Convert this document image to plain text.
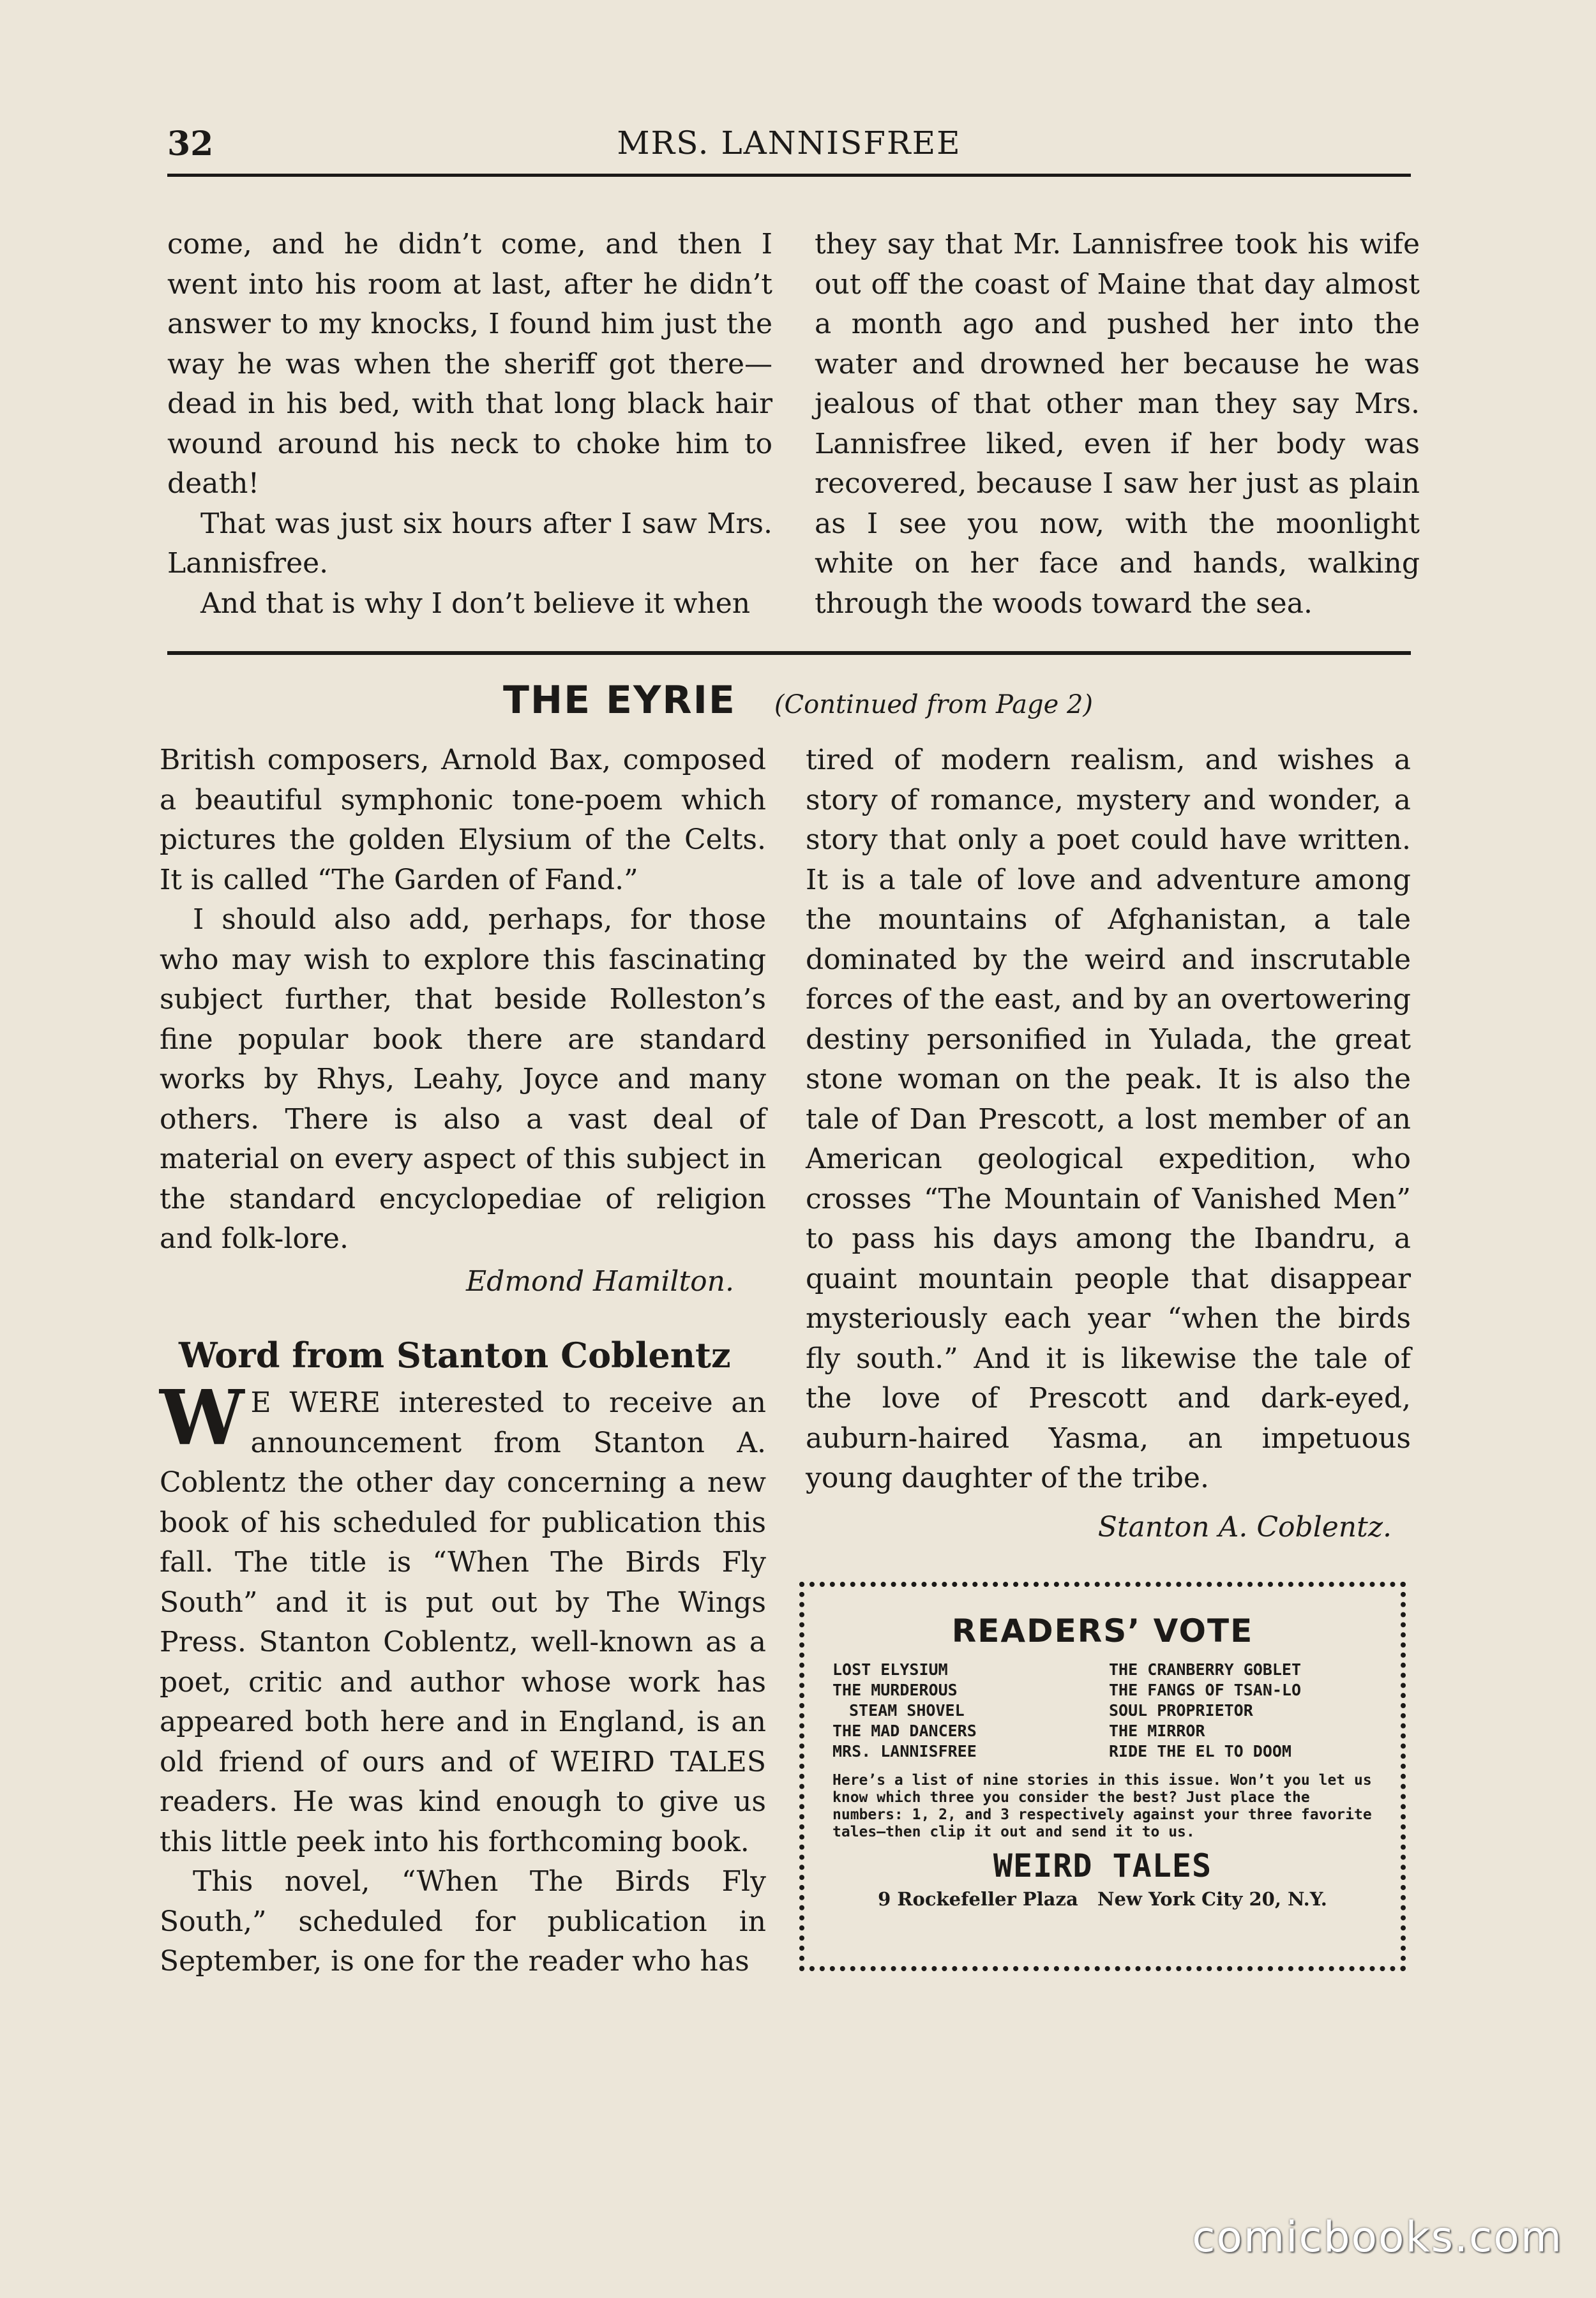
32	MRS. LANNISFREE

come, and he didn’t come, and then I went into his room at last, after he didn’t answer to my knocks, I found him just the way he was when the sheriff got there—dead in his bed, with that long black hair wound around his neck to choke him to death!

That was just six hours after I saw Mrs. Lannisfree.

And that is why I don’t believe it when

they say that Mr. Lannisfree took his wife out off the coast of Maine that day almost a month ago and pushed her into the water and drowned her because he was jealous of that other man they say Mrs. Lannisfree liked, even if her body was recovered, because I saw her just as plain as I see you now, with the moonlight white on her face and hands, walking through the woods toward the sea.

THE EYRIE (Continued from Page 2)

British composers, Arnold Bax, composed a beautiful symphonic tone-poem which pictures the golden Elysium of the Celts. It is called “The Garden of Fand.”

I should also add, perhaps, for those who may wish to explore this fascinating subject further, that beside Rolleston’s fine popular book there are standard works by Rhys, Leahy, Joyce and many others. There is also a vast deal of material on every aspect of this subject in the standard encyclopediae of religion and folk-lore.

Edmond Hamilton.
Word from Stanton Coblentz

W E WERE interested to receive an announcement from Stanton A. Coblentz the other day concerning a new book of his scheduled for publication this fall. The title is “When The Birds Fly South” and it is put out by The Wings Press. Stanton Coblentz, well-known as a poet, critic and author whose work has appeared both here and in England, is an old friend of ours and of WEIRD TALES readers. He was kind enough to give us this little peek into his forthcoming book.

This novel, “When The Birds Fly South,” scheduled for publication in September, is one for the reader who has

tired of modern realism, and wishes a story of romance, mystery and wonder, a story that only a poet could have written. It is a tale of love and adventure among the mountains of Afghanistan, a tale dominated by the weird and inscrutable forces of the east, and by an overtowering destiny personified in Yulada, the great stone woman on the peak. It is also the tale of Dan Prescott, a lost member of an American geological expedition, who crosses “The Mountain of Vanished Men” to pass his days among the Ibandru, a quaint mountain people that disappear mysteriously each year “when the birds fly south.” And it is likewise the tale of the love of Prescott and dark-eyed, auburn-haired Yasma, an impetuous young daughter of the tribe.

Stanton A. Coblentz.
READERS’ VOTE
LOST ELYSIUM	THE CRANBERRY GOBLET
THE MURDEROUS	THE FANGS OF TSAN-LO
STEAM SHOVEL	SOUL PROPRIETOR
THE MAD DANCERS	THE MIRROR
MRS. LANNISFREE	RIDE THE EL TO DOOM
Here’s a list of nine stories in this issue. Won’t you let us know which three you consider the best? Just place the numbers: 1, 2, and 3 respectively against your three favorite tales—then clip it out and send it to us.
WEIRD TALES
9 Rockefeller Plaza   New York City 20, N.Y.
comicbooks.com
